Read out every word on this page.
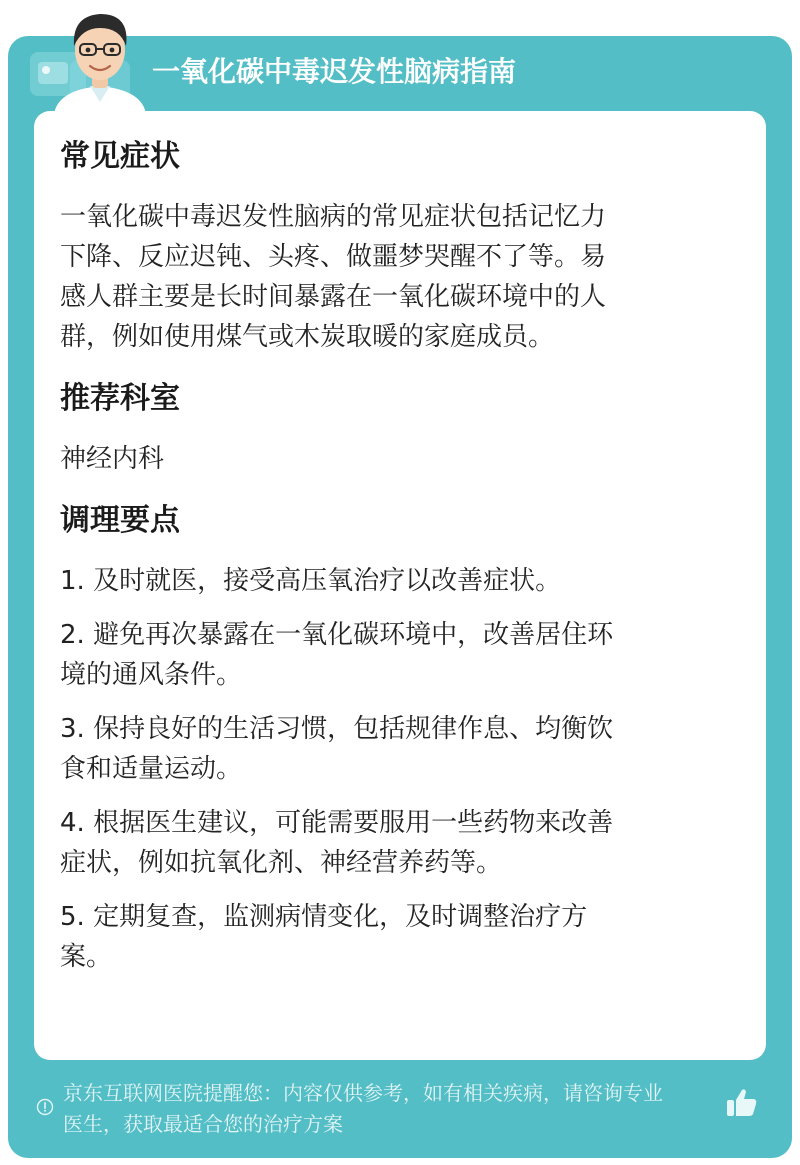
一氧化碳中毒迟发性脑病指南
常见症状

一氧化碳中毒迟发性脑病的常见症状包括记忆力

下降、反应迟钝、头疼、做噩梦哭醒不了等。易

感人群主要是长时间暴露在一氧化碳环境中的人

群，例如使用煤气或木炭取暖的家庭成员。

推荐科室

神经内科

调理要点

1. 及时就医，接受高压氧治疗以改善症状。

2. 避免再次暴露在一氧化碳环境中，改善居住环

境的通风条件。

3. 保持良好的生活习惯，包括规律作息、均衡饮

食和适量运动。

4. 根据医生建议，可能需要服用一些药物来改善

症状，例如抗氧化剂、神经营养药等。

5. 定期复查，监测病情变化，及时调整治疗方

案。

京东互联网医院提醒您：内容仅供参考，如有相关疾病，请咨询专业
医生，获取最适合您的治疗方案
